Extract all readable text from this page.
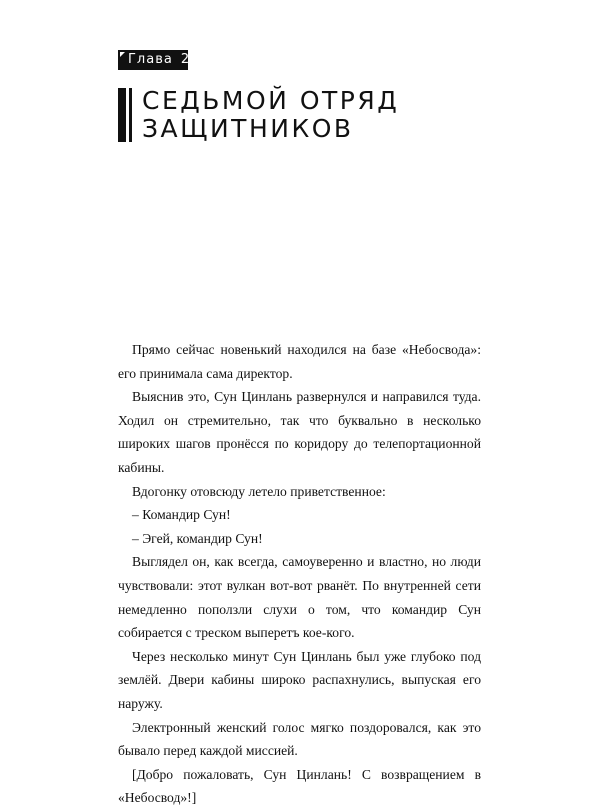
Глава 2
СЕДЬМОЙ ОТРЯД
ЗАЩИТНИКОВ

Прямо сейчас новенький находился на базе «Небосвода»: его принимала сама директор.

Выяснив это, Сун Цинлань развернулся и направился туда. Ходил он стремительно, так что буквально в несколько широких шагов пронёсся по коридору до телепортационной кабины.

Вдогонку отовсюду летело приветственное:

– Командир Сун!

– Эгей, командир Сун!

Выглядел он, как всегда, самоуверенно и властно, но люди чувствовали: этот вулкан вот-вот рванёт. По внутренней сети немедленно поползли слухи о том, что командир Сун собирается с треском выперетъ кое-кого.

Через несколько минут Сун Цинлань был уже глубоко под землёй. Двери кабины широко распахнулись, выпуская его наружу.

Электронный женский голос мягко поздоровался, как это бывало перед каждой миссией.

[Добро пожаловать, Сун Цинлань! С возвращением в «Небосвод»!]
